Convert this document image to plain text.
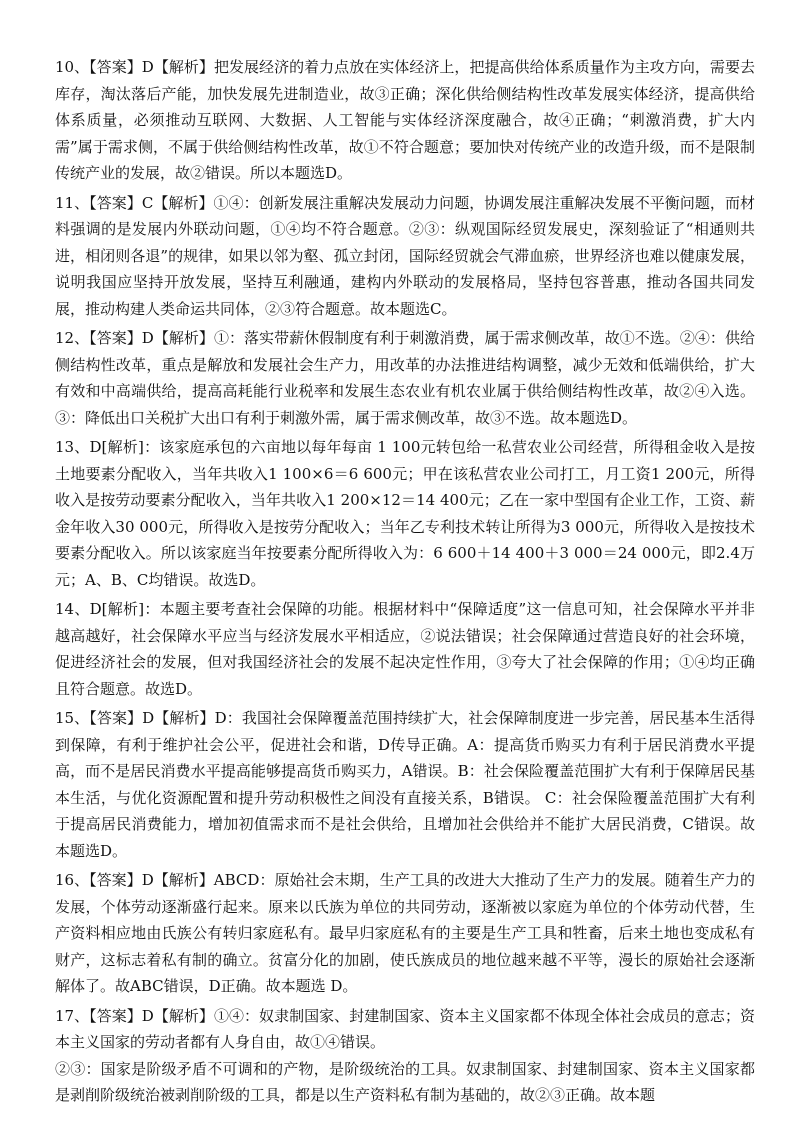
10、【答案】D【解析】把发展经济的着力点放在实体经济上，把提高供给体系质量作为主攻方向，需要去库存，淘汰落后产能，加快发展先进制造业，故③正确；深化供给侧结构性改革发展实体经济，提高供给体系质量，必须推动互联网、大数据、人工智能与实体经济深度融合，故④正确；“刺激消费，扩大内需”属于需求侧，不属于供给侧结构性改革，故①不符合题意；要加快对传统产业的改造升级，而不是限制传统产业的发展，故②错误。所以本题选D。

11、【答案】C【解析】①④：创新发展注重解决发展动力问题，协调发展注重解决发展不平衡问题，而材料强调的是发展内外联动问题，①④均不符合题意。②③：纵观国际经贸发展史，深刻验证了“相通则共进，相闭则各退”的规律，如果以邻为壑、孤立封闭，国际经贸就会气滞血瘀，世界经济也难以健康发展，说明我国应坚持开放发展，坚持互利融通，建构内外联动的发展格局，坚持包容普惠，推动各国共同发展，推动构建人类命运共同体，②③符合题意。故本题选C。

12、【答案】D【解析】①：落实带薪休假制度有利于刺激消费，属于需求侧改革，故①不选。②④：供给侧结构性改革，重点是解放和发展社会生产力，用改革的办法推进结构调整，减少无效和低端供给，扩大有效和中高端供给，提高高耗能行业税率和发展生态农业有机农业属于供给侧结构性改革，故②④入选。③：降低出口关税扩大出口有利于刺激外需，属于需求侧改革，故③不选。故本题选D。

13、D[解析]：该家庭承包的六亩地以每年每亩 1 100元转包给一私营农业公司经营，所得租金收入是按土地要素分配收入，当年共收入1 100×6＝6 600元；甲在该私营农业公司打工，月工资1 200元，所得收入是按劳动要素分配收入，当年共收入1 200×12＝14 400元；乙在一家中型国有企业工作，工资、薪金年收入30 000元，所得收入是按劳分配收入；当年乙专利技术转让所得为3 000元，所得收入是按技术要素分配收入。所以该家庭当年按要素分配所得收入为：6 600＋14 400＋3 000＝24 000元，即2.4万元；A、B、C均错误。故选D。

14、D[解析]：本题主要考查社会保障的功能。根据材料中“保障适度”这一信息可知，社会保障水平并非越高越好，社会保障水平应当与经济发展水平相适应，②说法错误；社会保障通过营造良好的社会环境，促进经济社会的发展，但对我国经济社会的发展不起决定性作用，③夸大了社会保障的作用；①④均正确且符合题意。故选D。

15、【答案】D【解析】D：我国社会保障覆盖范围持续扩大，社会保障制度进一步完善，居民基本生活得到保障，有利于维护社会公平，促进社会和谐，D传导正确。A：提高货币购买力有利于居民消费水平提高，而不是居民消费水平提高能够提高货币购买力，A错误。B：社会保险覆盖范围扩大有利于保障居民基本生活，与优化资源配置和提升劳动积极性之间没有直接关系，B错误。 C：社会保险覆盖范围扩大有利于提高居民消费能力，增加初值需求而不是社会供给，且增加社会供给并不能扩大居民消费，C错误。故本题选D。

16、【答案】D【解析】ABCD：原始社会末期，生产工具的改进大大推动了生产力的发展。随着生产力的发展，个体劳动逐渐盛行起来。原来以氏族为单位的共同劳动，逐渐被以家庭为单位的个体劳动代替，生产资料相应地由氏族公有转归家庭私有。最早归家庭私有的主要是生产工具和牲畜，后来土地也变成私有财产，这标志着私有制的确立。贫富分化的加剧，使氏族成员的地位越来越不平等，漫长的原始社会逐渐解体了。故ABC错误，D正确。故本题选 D。

17、【答案】D【解析】①④：奴隶制国家、封建制国家、资本主义国家都不体现全体社会成员的意志；资本主义国家的劳动者都有人身自由，故①④错误。

②③：国家是阶级矛盾不可调和的产物，是阶级统治的工具。奴隶制国家、封建制国家、资本主义国家都是剥削阶级统治被剥削阶级的工具，都是以生产资料私有制为基础的，故②③正确。故本题
